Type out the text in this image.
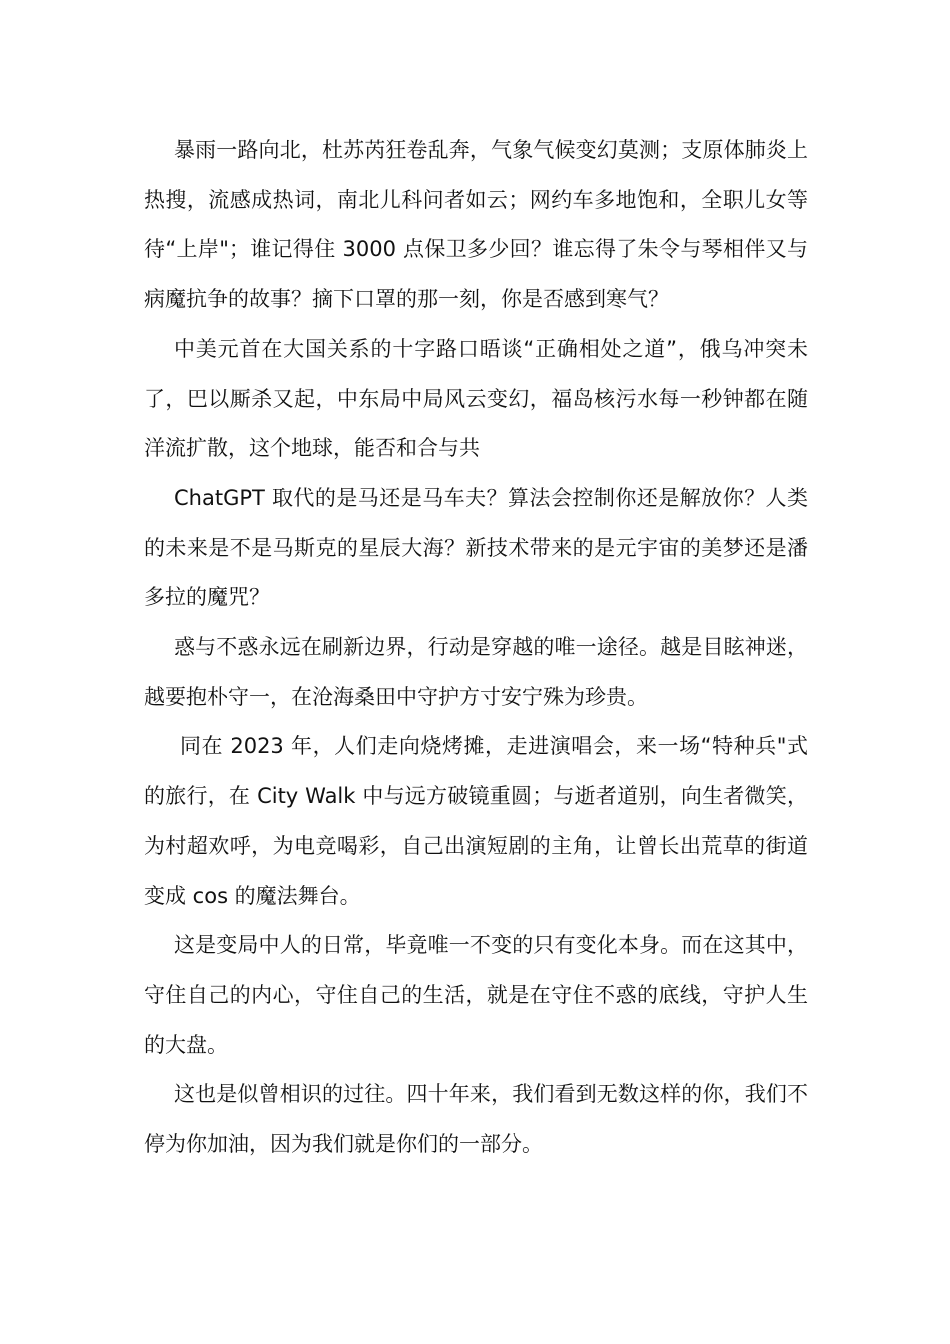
暴雨一路向北，杜苏芮狂卷乱奔，气象气候变幻莫测；支原体肺炎上热搜，流感成热词，南北儿科问者如云；网约车多地饱和，全职儿女等待“上岸"；谁记得住 3000 点保卫多少回？谁忘得了朱令与琴相伴又与病魔抗争的故事？摘下口罩的那一刻，你是否感到寒气？

中美元首在大国关系的十字路口晤谈“正确相处之道”，俄乌冲突未了，巴以厮杀又起，中东局中局风云变幻，福岛核污水每一秒钟都在随洋流扩散，这个地球，能否和合与共

ChatGPT 取代的是马还是马车夫？算法会控制你还是解放你？人类的未来是不是马斯克的星辰大海？新技术带来的是元宇宙的美梦还是潘多拉的魔咒？

惑与不惑永远在刷新边界，行动是穿越的唯一途径。越是目眩神迷，越要抱朴守一，在沧海桑田中守护方寸安宁殊为珍贵。

同在 2023 年，人们走向烧烤摊，走进演唱会，来一场“特种兵"式的旅行，在 City Walk 中与远方破镜重圆；与逝者道别，向生者微笑，为村超欢呼，为电竞喝彩，自己出演短剧的主角，让曾长出荒草的街道变成 cos 的魔法舞台。

这是变局中人的日常，毕竟唯一不变的只有变化本身。而在这其中，守住自己的内心，守住自己的生活，就是在守住不惑的底线，守护人生的大盘。

这也是似曾相识的过往。四十年来，我们看到无数这样的你，我们不停为你加油，因为我们就是你们的一部分。
